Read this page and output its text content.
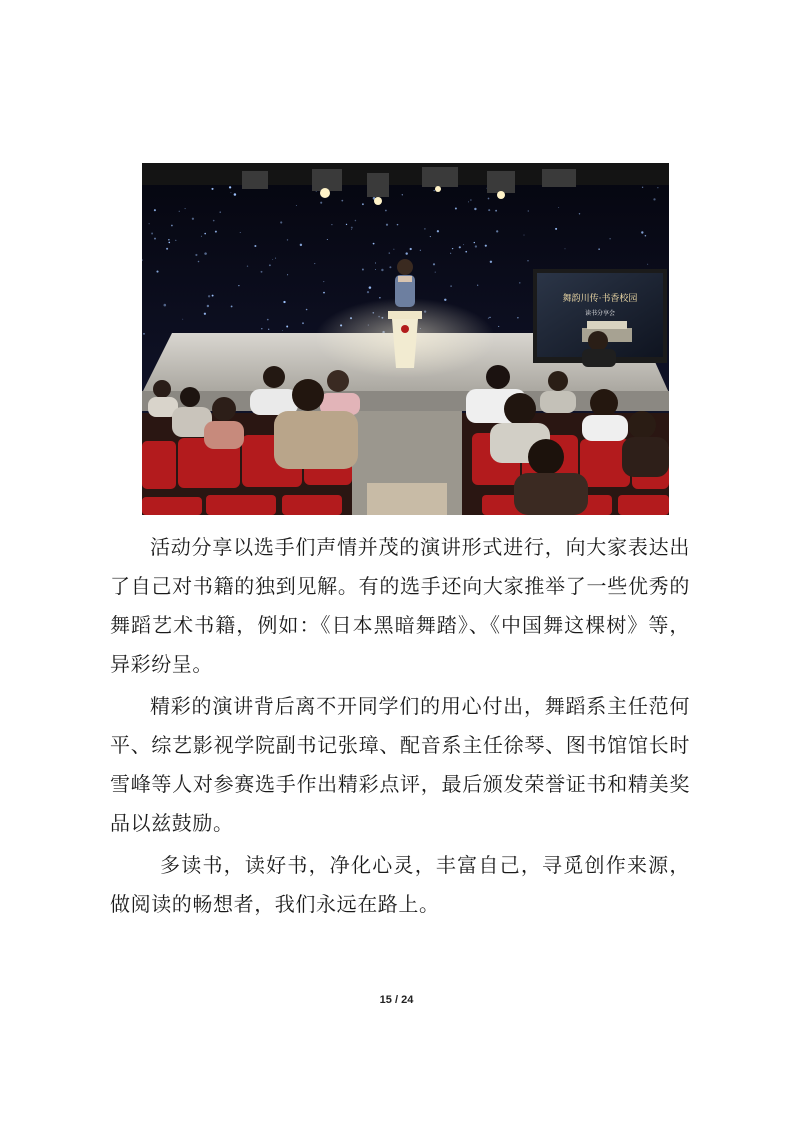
舞韵川传·书香校园
读书分享会

活动分享以选手们声情并茂的演讲形式进行，向大家表达出了自己对书籍的独到见解。有的选手还向大家推举了一些优秀的舞蹈艺术书籍，例如：《日本黑暗舞踏》、《中国舞这棵树》等，异彩纷呈。

精彩的演讲背后离不开同学们的用心付出，舞蹈系主任范何平、综艺影视学院副书记张璋、配音系主任徐琴、图书馆馆长时雪峰等人对参赛选手作出精彩点评，最后颁发荣誉证书和精美奖品以兹鼓励。

多读书，读好书，净化心灵，丰富自己，寻觅创作来源，做阅读的畅想者，我们永远在路上。

15 / 24
